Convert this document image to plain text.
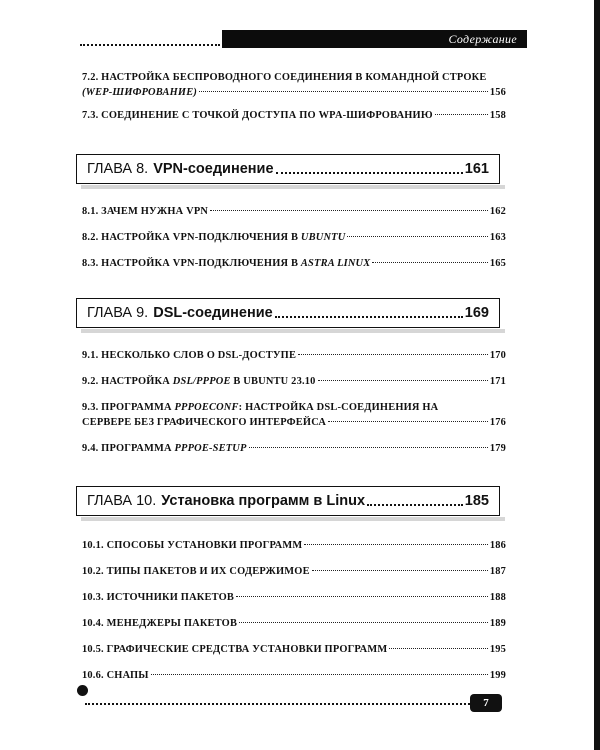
Содержание
7.2. НАСТРОЙКА БЕСПРОВОДНОГО СОЕДИНЕНИЯ В КОМАНДНОЙ СТРОКЕ
(WEP-ШИФРОВАНИЕ)	156
7.3. СОЕДИНЕНИЕ С ТОЧКОЙ ДОСТУПА ПО WPA-ШИФРОВАНИЮ	158
ГЛАВА 8. VPN-соединение	161
8.1. ЗАЧЕМ НУЖНА VPN	162
8.2. НАСТРОЙКА VPN-ПОДКЛЮЧЕНИЯ В UBUNTU	163
8.3. НАСТРОЙКА VPN-ПОДКЛЮЧЕНИЯ В ASTRA LINUX	165
ГЛАВА 9. DSL-соединение	169
9.1. НЕСКОЛЬКО СЛОВ О DSL-ДОСТУПЕ	170
9.2. НАСТРОЙКА DSL/PPPOE В UBUNTU 23.10	171
9.3. ПРОГРАММА PPPOECONF: НАСТРОЙКА DSL-СОЕДИНЕНИЯ НА
СЕРВЕРЕ БЕЗ ГРАФИЧЕСКОГО ИНТЕРФЕЙСА	176
9.4. ПРОГРАММА PPPOE-SETUP	179
ГЛАВА 10. Установка программ в Linux	185
10.1. СПОСОБЫ УСТАНОВКИ ПРОГРАММ	186
10.2. ТИПЫ ПАКЕТОВ И ИХ СОДЕРЖИМОЕ	187
10.3. ИСТОЧНИКИ ПАКЕТОВ	188
10.4. МЕНЕДЖЕРЫ ПАКЕТОВ	189
10.5. ГРАФИЧЕСКИЕ СРЕДСТВА УСТАНОВКИ ПРОГРАММ	195
10.6. СНАПЫ	199
7
